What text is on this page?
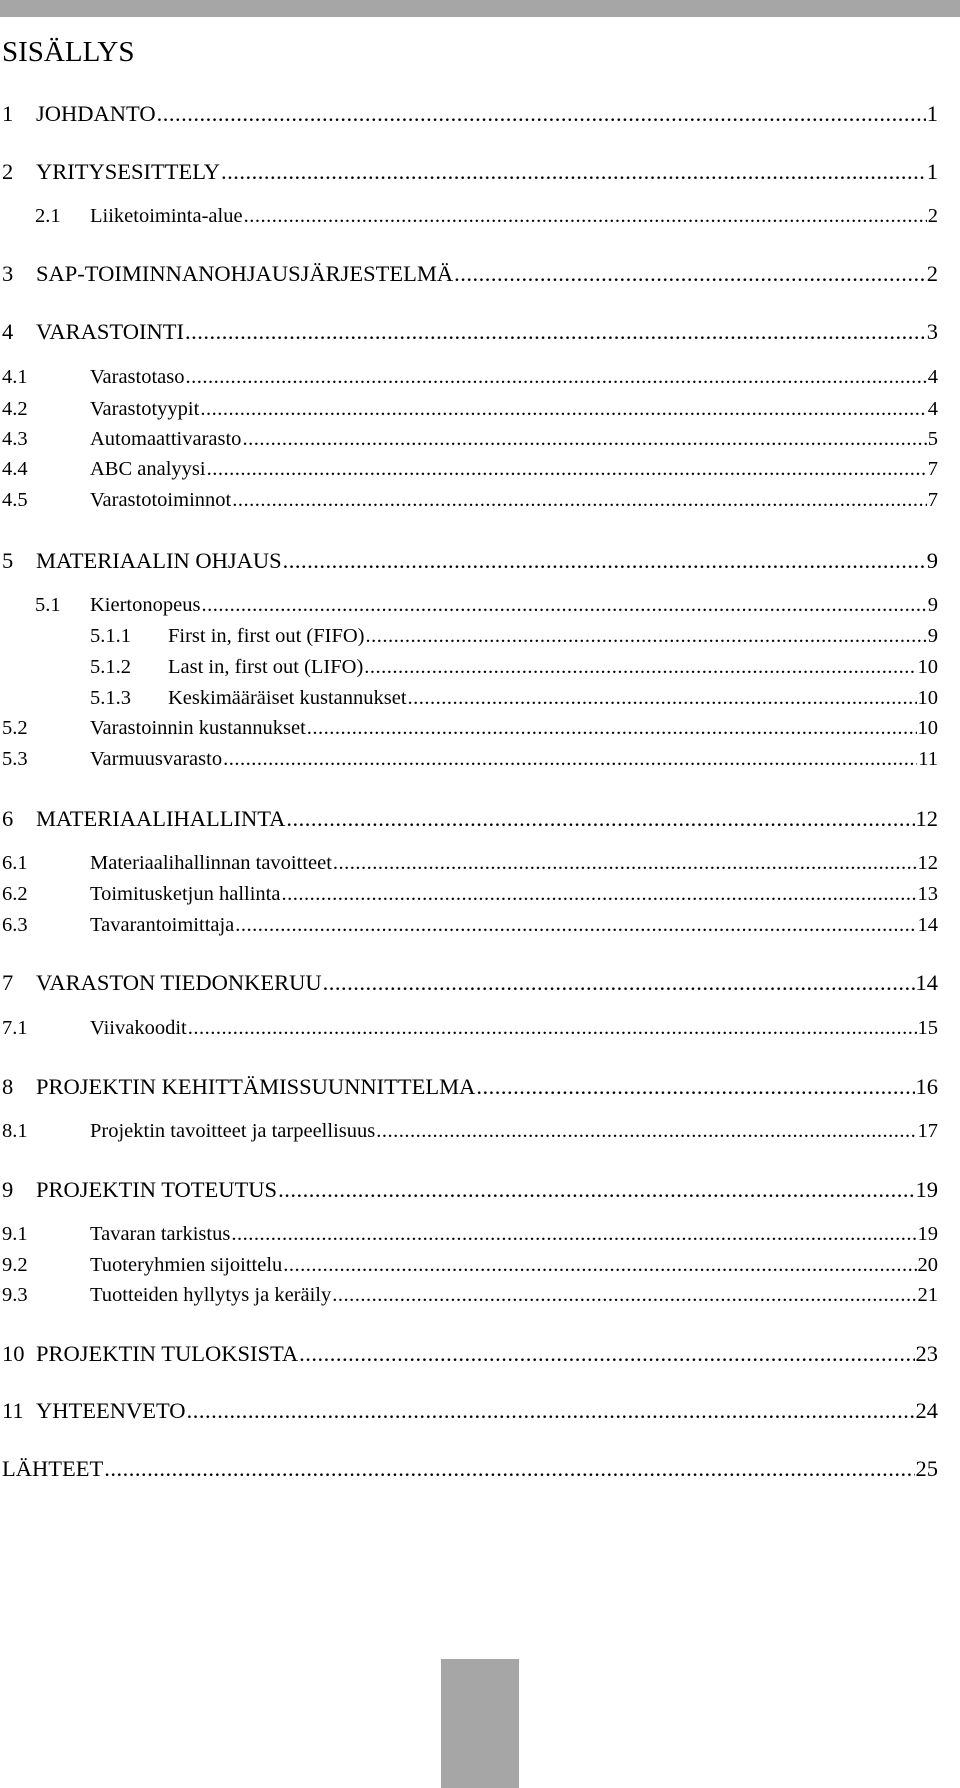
SISÄLLYS
1	JOHDANTO .....	1
2	YRITYSESITTELY .....	1
2.1	Liiketoiminta-alue .....	2
3	SAP-TOIMINNANOHJAUSJÄRJESTELMÄ .....	2
4	VARASTOINTI .....	3
4.1	Varastotaso .....	4
4.2	Varastotyypit .....	4
4.3	Automaattivarasto .....	5
4.4	ABC analyysi .....	7
4.5	Varastotoiminnot .....	7
5	MATERIAALIN OHJAUS .....	9
5.1	Kiertonopeus .....	9
5.1.1	First in, first out (FIFO) .....	9
5.1.2	Last in, first out (LIFO) .....	10
5.1.3	Keskimääräiset kustannukset .....	10
5.2	Varastoinnin kustannukset .....	10
5.3	Varmuusvarasto .....	11
6	MATERIAALIHALLINTA .....	12
6.1	Materiaalihallinnan tavoitteet .....	12
6.2	Toimitusketjun hallinta .....	13
6.3	Tavarantoimittaja .....	14
7	VARASTON TIEDONKERUU .....	14
7.1	Viivakoodit .....	15
8	PROJEKTIN KEHITTÄMISSUUNNITTELMA .....	16
8.1	Projektin tavoitteet ja tarpeellisuus .....	17
9	PROJEKTIN TOTEUTUS .....	19
9.1	Tavaran tarkistus .....	19
9.2	Tuoteryhmien sijoittelu .....	20
9.3	Tuotteiden hyllytys ja keräily .....	21
10 PROJEKTIN TULOKSISTA .....	23
11 YHTEENVETO .....	24
LÄHTEET .....	25
